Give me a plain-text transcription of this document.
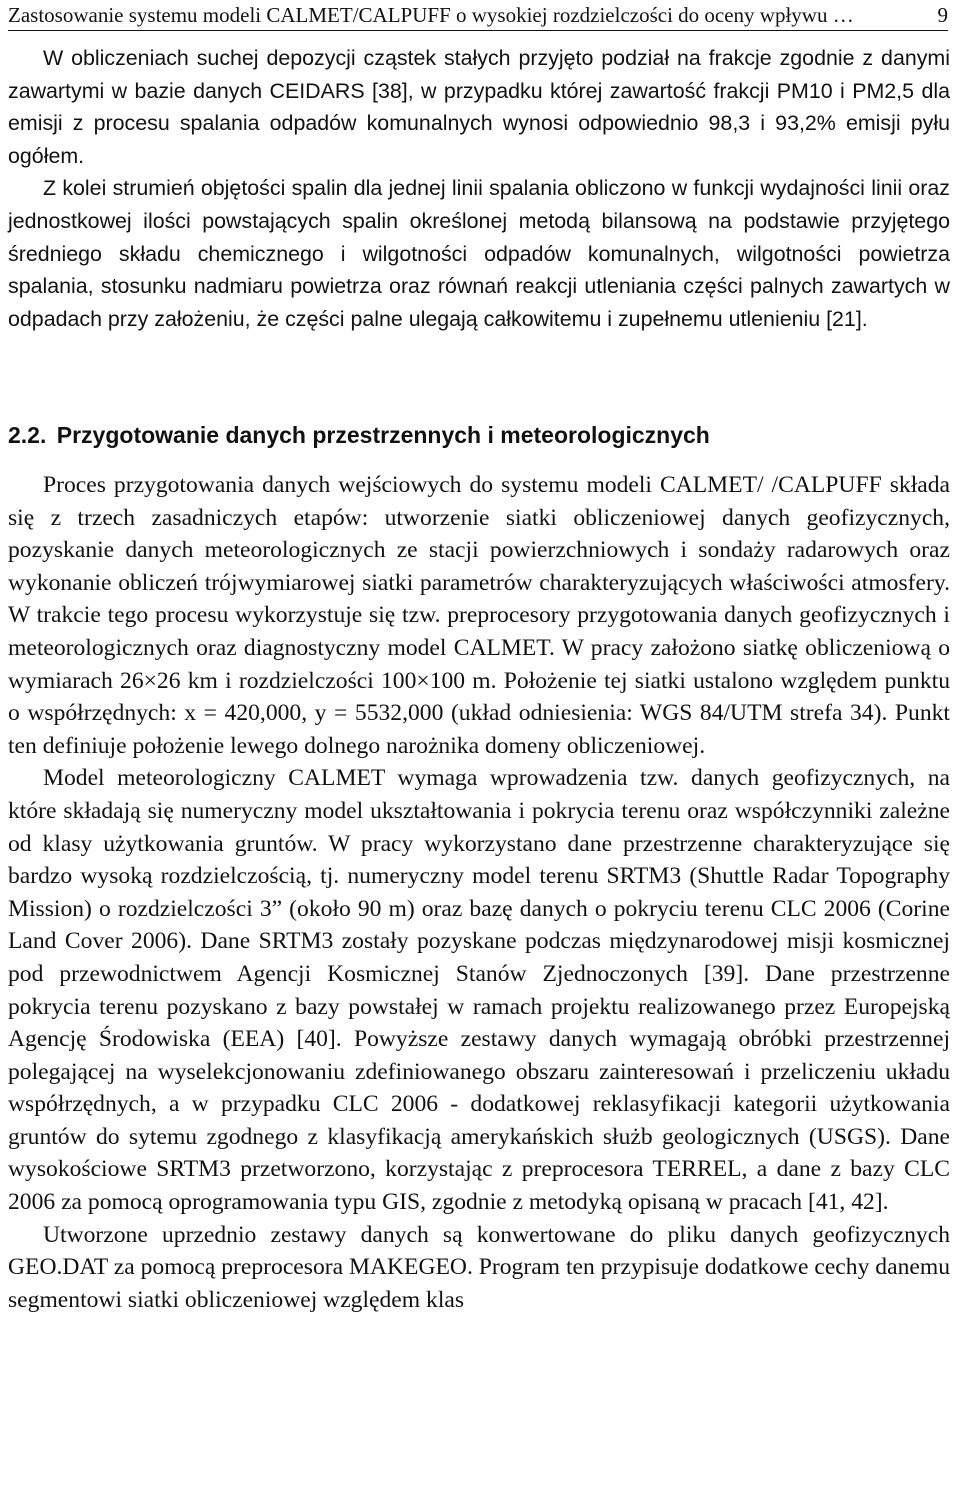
Zastosowanie systemu modeli CALMET/CALPUFF o wysokiej rozdzielczości do oceny wpływu …	9

W obliczeniach suchej depozycji cząstek stałych przyjęto podział na frakcje zgodnie z danymi zawartymi w bazie danych CEIDARS [38], w przypadku której zawartość frakcji PM10 i PM2,5 dla emisji z procesu spalania odpadów komunalnych wynosi odpowiednio 98,3 i 93,2% emisji pyłu ogółem.

Z kolei strumień objętości spalin dla jednej linii spalania obliczono w funkcji wydajności linii oraz jednostkowej ilości powstających spalin określonej metodą bilansową na podstawie przyjętego średniego składu chemicznego i wilgotności odpadów komunalnych, wilgotności powietrza spalania, stosunku nadmiaru powietrza oraz równań reakcji utleniania części palnych zawartych w odpadach przy założeniu, że części palne ulegają całkowitemu i zupełnemu utlenieniu [21].

2.2. Przygotowanie danych przestrzennych i meteorologicznych

Proces przygotowania danych wejściowych do systemu modeli CALMET/ /CALPUFF składa się z trzech zasadniczych etapów: utworzenie siatki obliczeniowej danych geofizycznych, pozyskanie danych meteorologicznych ze stacji powierzchniowych i sondaży radarowych oraz wykonanie obliczeń trójwymiarowej siatki parametrów charakteryzujących właściwości atmosfery. W trakcie tego procesu wykorzystuje się tzw. preprocesory przygotowania danych geofizycznych i meteorologicznych oraz diagnostyczny model CALMET. W pracy założono siatkę obliczeniową o wymiarach 26×26 km i rozdzielczości 100×100 m. Położenie tej siatki ustalono względem punktu o współrzędnych: x = 420,000, y = 5532,000 (układ odniesienia: WGS 84/UTM strefa 34). Punkt ten definiuje położenie lewego dolnego narożnika domeny obliczeniowej.

Model meteorologiczny CALMET wymaga wprowadzenia tzw. danych geofizycznych, na które składają się numeryczny model ukształtowania i pokrycia terenu oraz współczynniki zależne od klasy użytkowania gruntów. W pracy wykorzystano dane przestrzenne charakteryzujące się bardzo wysoką rozdzielczością, tj. numeryczny model terenu SRTM3 (Shuttle Radar Topography Mission) o rozdzielczości 3” (około 90 m) oraz bazę danych o pokryciu terenu CLC 2006 (Corine Land Cover 2006). Dane SRTM3 zostały pozyskane podczas międzynarodowej misji kosmicznej pod przewodnictwem Agencji Kosmicznej Stanów Zjednoczonych [39]. Dane przestrzenne pokrycia terenu pozyskano z bazy powstałej w ramach projektu realizowanego przez Europejską Agencję Środowiska (EEA) [40]. Powyższe zestawy danych wymagają obróbki przestrzennej polegającej na wyselekcjonowaniu zdefiniowanego obszaru zainteresowań i przeliczeniu układu współrzędnych, a w przypadku CLC 2006 - dodatkowej reklasyfikacji kategorii użytkowania gruntów do sytemu zgodnego z klasyfikacją amerykańskich służb geologicznych (USGS). Dane wysokościowe SRTM3 przetworzono, korzystając z preprocesora TERREL, a dane z bazy CLC 2006 za pomocą oprogramowania typu GIS, zgodnie z metodyką opisaną w pracach [41, 42].

Utworzone uprzednio zestawy danych są konwertowane do pliku danych geofizycznych GEO.DAT za pomocą preprocesora MAKEGEO. Program ten przypisuje dodatkowe cechy danemu segmentowi siatki obliczeniowej względem klas
